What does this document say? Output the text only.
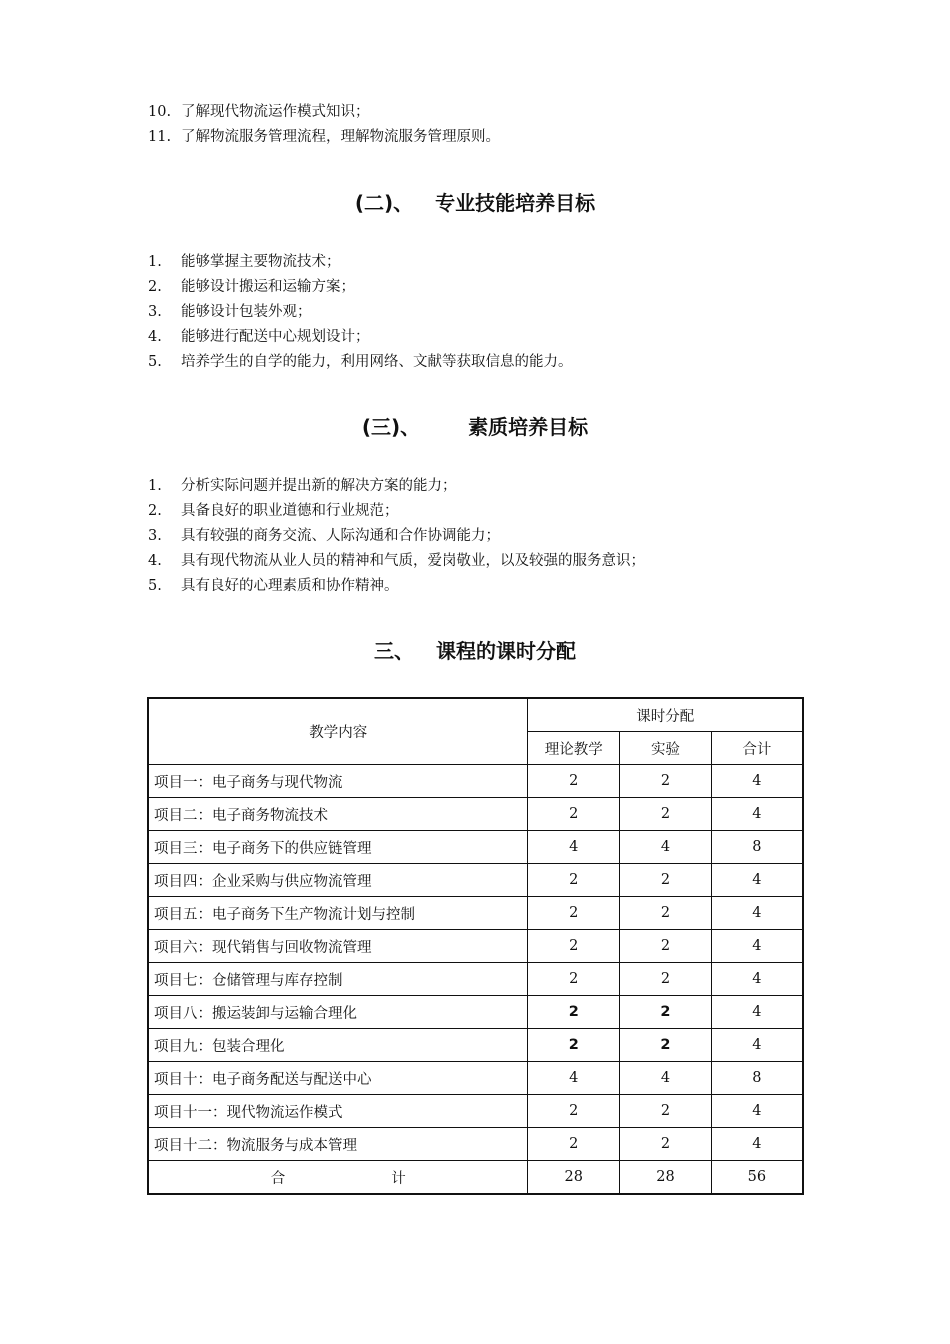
10. 了解现代物流运作模式知识；
11. 了解物流服务管理流程，理解物流服务管理原则。
(二)、 专业技能培养目标
1.	能够掌握主要物流技术；
2.	能够设计搬运和运输方案；
3.	能够设计包装外观；
4.	能够进行配送中心规划设计；
5.	培养学生的自学的能力，利用网络、文献等获取信息的能力。
(三)、 素质培养目标
1.	分析实际问题并提出新的解决方案的能力；
2.	具备良好的职业道德和行业规范；
3.	具有较强的商务交流、人际沟通和合作协调能力；
4.	具有现代物流从业人员的精神和气质，爱岗敬业，以及较强的服务意识；
5.	具有良好的心理素质和协作精神。
三、 课程的课时分配
教学内容	课时分配		
	理论教学	实验	合计
项目一：电子商务与现代物流	2	2	4
项目二：电子商务物流技术	2	2	4
项目三：电子商务下的供应链管理	4	4	8
项目四：企业采购与供应物流管理	2	2	4
项目五：电子商务下生产物流计划与控制	2	2	4
项目六：现代销售与回收物流管理	2	2	4
项目七：仓储管理与库存控制	2	2	4
项目八：搬运装卸与运输合理化	2	2	4
项目九：包装合理化	2	2	4
项目十：电子商务配送与配送中心	4	4	8
项目十一：现代物流运作模式	2	2	4
项目十二：物流服务与成本管理	2	2	4

合 计	28	28	56
